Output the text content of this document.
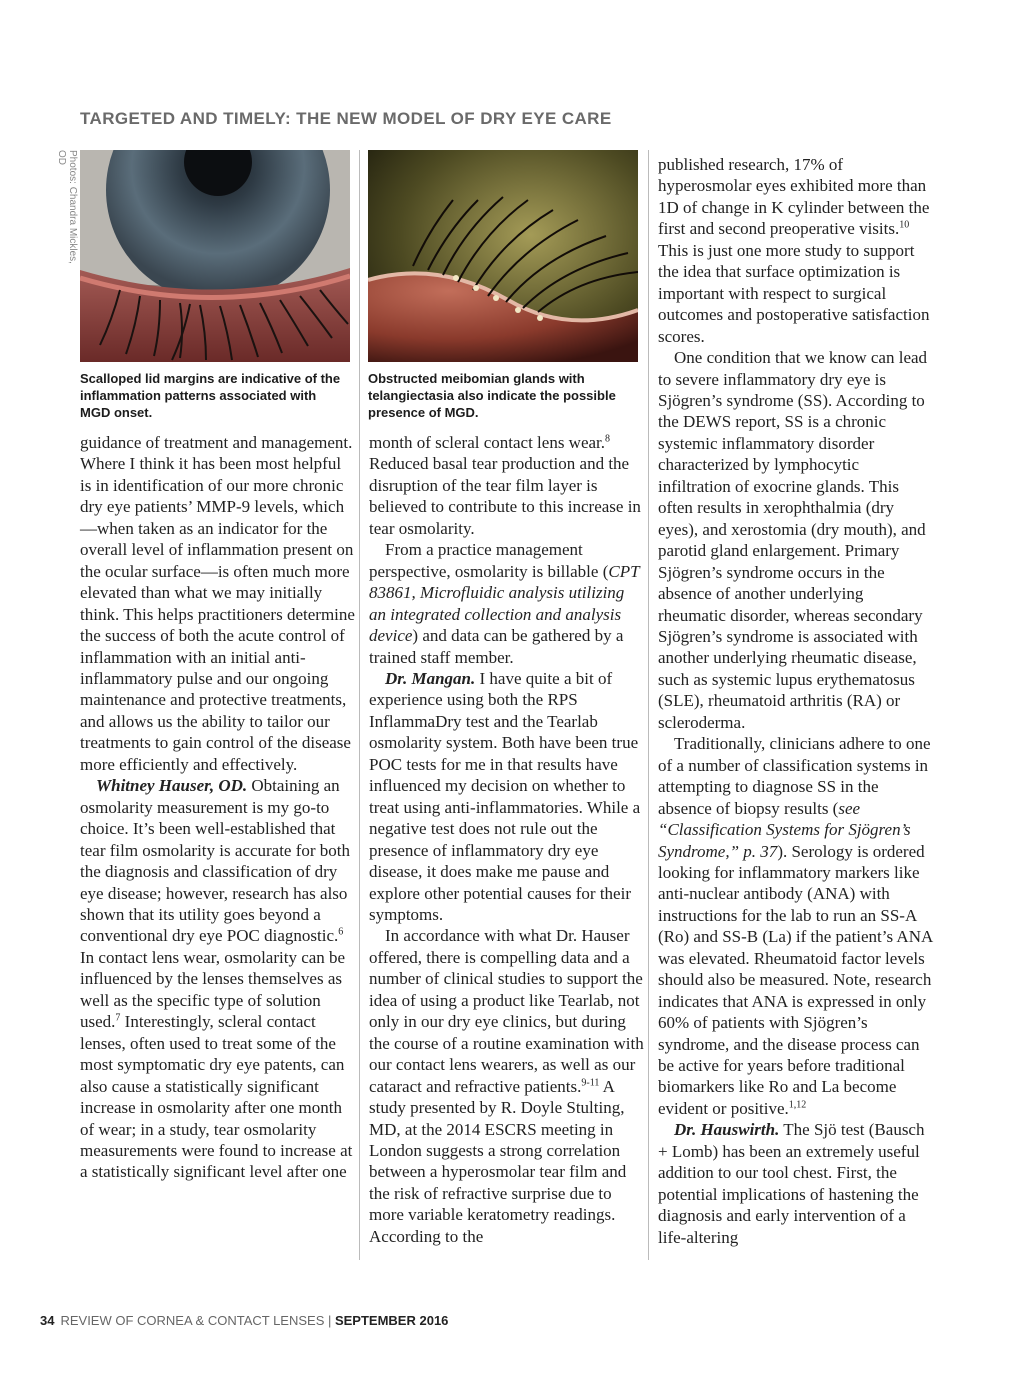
TARGETED AND TIMELY: THE NEW MODEL OF DRY EYE CARE
Photos: Chandra Mickles, OD
Scalloped lid margins are indicative of the inflammation patterns associated with MGD onset.
Obstructed meibomian glands with telangiectasia also indicate the possible presence of MGD.

guidance of treatment and management. Where I think it has been most helpful is in identification of our more chronic dry eye patients’ MMP-9 levels, which—when taken as an indicator for the overall level of inflammation present on the ocular surface—is often much more elevated than what we may initially think. This helps practitioners determine the success of both the acute control of inflammation with an initial anti-inflammatory pulse and our ongoing maintenance and protective treatments, and allows us the ability to tailor our treatments to gain control of the disease more efficiently and effectively.

Whitney Hauser, OD. Obtaining an osmolarity measurement is my go-to choice. It’s been well-established that tear film osmolarity is accurate for both the diagnosis and classification of dry eye disease; however, research has also shown that its utility goes beyond a conventional dry eye POC diagnostic.$^6$ In contact lens wear, osmolarity can be influenced by the lenses themselves as well as the specific type of solution used.$^7$ Interestingly, scleral contact lenses, often used to treat some of the most symptomatic dry eye patents, can also cause a statistically significant increase in osmolarity after one month of wear; in a study, tear osmolarity measurements were found to increase at a statistically significant level after one

month of scleral contact lens wear.$^8$ Reduced basal tear production and the disruption of the tear film layer is believed to contribute to this increase in tear osmolarity.

From a practice management perspective, osmolarity is billable (CPT 83861, Microfluidic analysis utilizing an integrated collection and analysis device) and data can be gathered by a trained staff member.

Dr. Mangan. I have quite a bit of experience using both the RPS InflammaDry test and the Tearlab osmolarity system. Both have been true POC tests for me in that results have influenced my decision on whether to treat using anti-inflammatories. While a negative test does not rule out the presence of inflammatory dry eye disease, it does make me pause and explore other potential causes for their symptoms.

In accordance with what Dr. Hauser offered, there is compelling data and a number of clinical studies to support the idea of using a product like Tearlab, not only in our dry eye clinics, but during the course of a routine examination with our contact lens wearers, as well as our cataract and refractive patients.$^{9-11}$ A study presented by R. Doyle Stulting, MD, at the 2014 ESCRS meeting in London suggests a strong correlation between a hyperosmolar tear film and the risk of refractive surprise due to more variable keratometry readings. According to the

published research, 17% of hyperosmolar eyes exhibited more than 1D of change in K cylinder between the first and second preoperative visits.$^{10}$ This is just one more study to support the idea that surface optimization is important with respect to surgical outcomes and postoperative satisfaction scores.

One condition that we know can lead to severe inflammatory dry eye is Sjögren’s syndrome (SS). According to the DEWS report, SS is a chronic systemic inflammatory disorder characterized by lymphocytic infiltration of exocrine glands. This often results in xerophthalmia (dry eyes), and xerostomia (dry mouth), and parotid gland enlargement. Primary Sjögren’s syndrome occurs in the absence of another underlying rheumatic disorder, whereas secondary Sjögren’s syndrome is associated with another underlying rheumatic disease, such as systemic lupus erythematosus (SLE), rheumatoid arthritis (RA) or scleroderma.

Traditionally, clinicians adhere to one of a number of classification systems in attempting to diagnose SS in the absence of biopsy results (see “Classification Systems for Sjögren’s Syndrome,” p. 37). Serology is ordered looking for inflammatory markers like anti-nuclear antibody (ANA) with instructions for the lab to run an SS-A (Ro) and SS-B (La) if the patient’s ANA was elevated. Rheumatoid factor levels should also be measured. Note, research indicates that ANA is expressed in only 60% of patients with Sjögren’s syndrome, and the disease process can be active for years before traditional biomarkers like Ro and La become evident or positive.$^{1,12}$

Dr. Hauswirth. The Sjö test (Bausch + Lomb) has been an extremely useful addition to our tool chest. First, the potential implications of hastening the diagnosis and early intervention of a life-altering

34 REVIEW OF CORNEA & CONTACT LENSES | SEPTEMBER 2016
